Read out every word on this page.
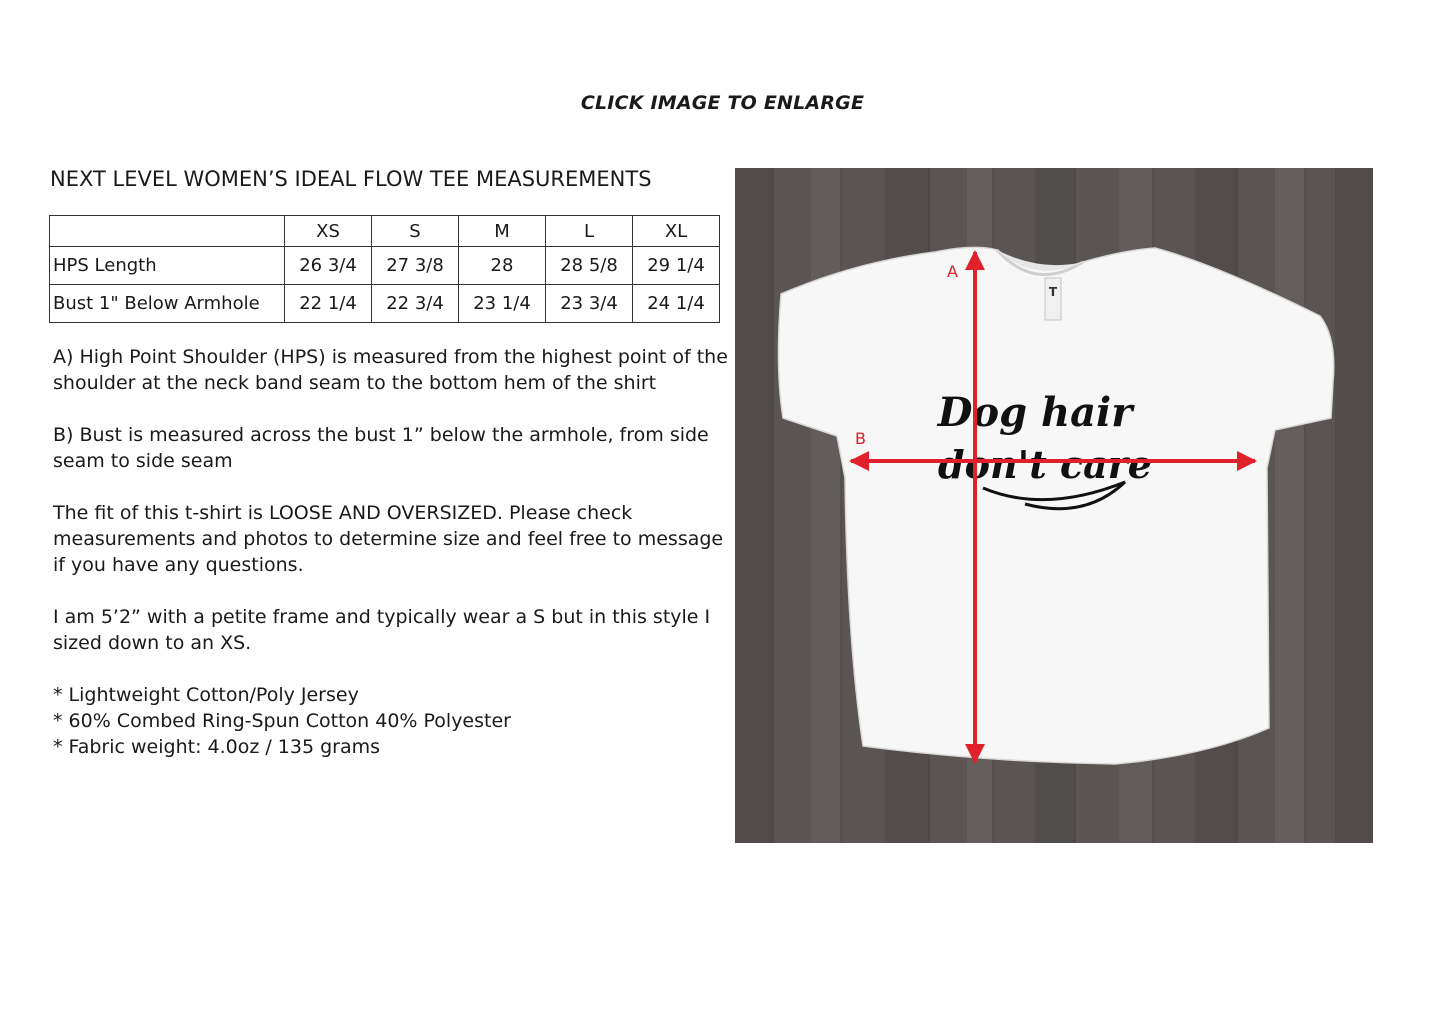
CLICK IMAGE TO ENLARGE
NEXT LEVEL WOMEN’S IDEAL FLOW TEE MEASUREMENTS
	XS	S	M	L	XL
HPS Length	26 3/4	27 3/8	28	28 5/8	29 1/4
Bust 1" Below Armhole	22 1/4	22 3/4	23 1/4	23 3/4	24 1/4

A) High Point Shoulder (HPS) is measured from the highest point of the shoulder at the neck band seam to the bottom hem of the shirt

B) Bust is measured across the bust 1” below the armhole, from side seam to side seam

The fit of this t-shirt is LOOSE AND OVERSIZED. Please check measurements and photos to determine size and feel free to message if you have any questions.

I am 5’2” with a petite frame and typically wear a S but in this style I sized down to an XS.

* Lightweight Cotton/Poly Jersey

* 60% Combed Ring-Spun Cotton 40% Polyester

* Fabric weight: 4.0oz / 135 grams

T
Dog hair
don't care
A
B
